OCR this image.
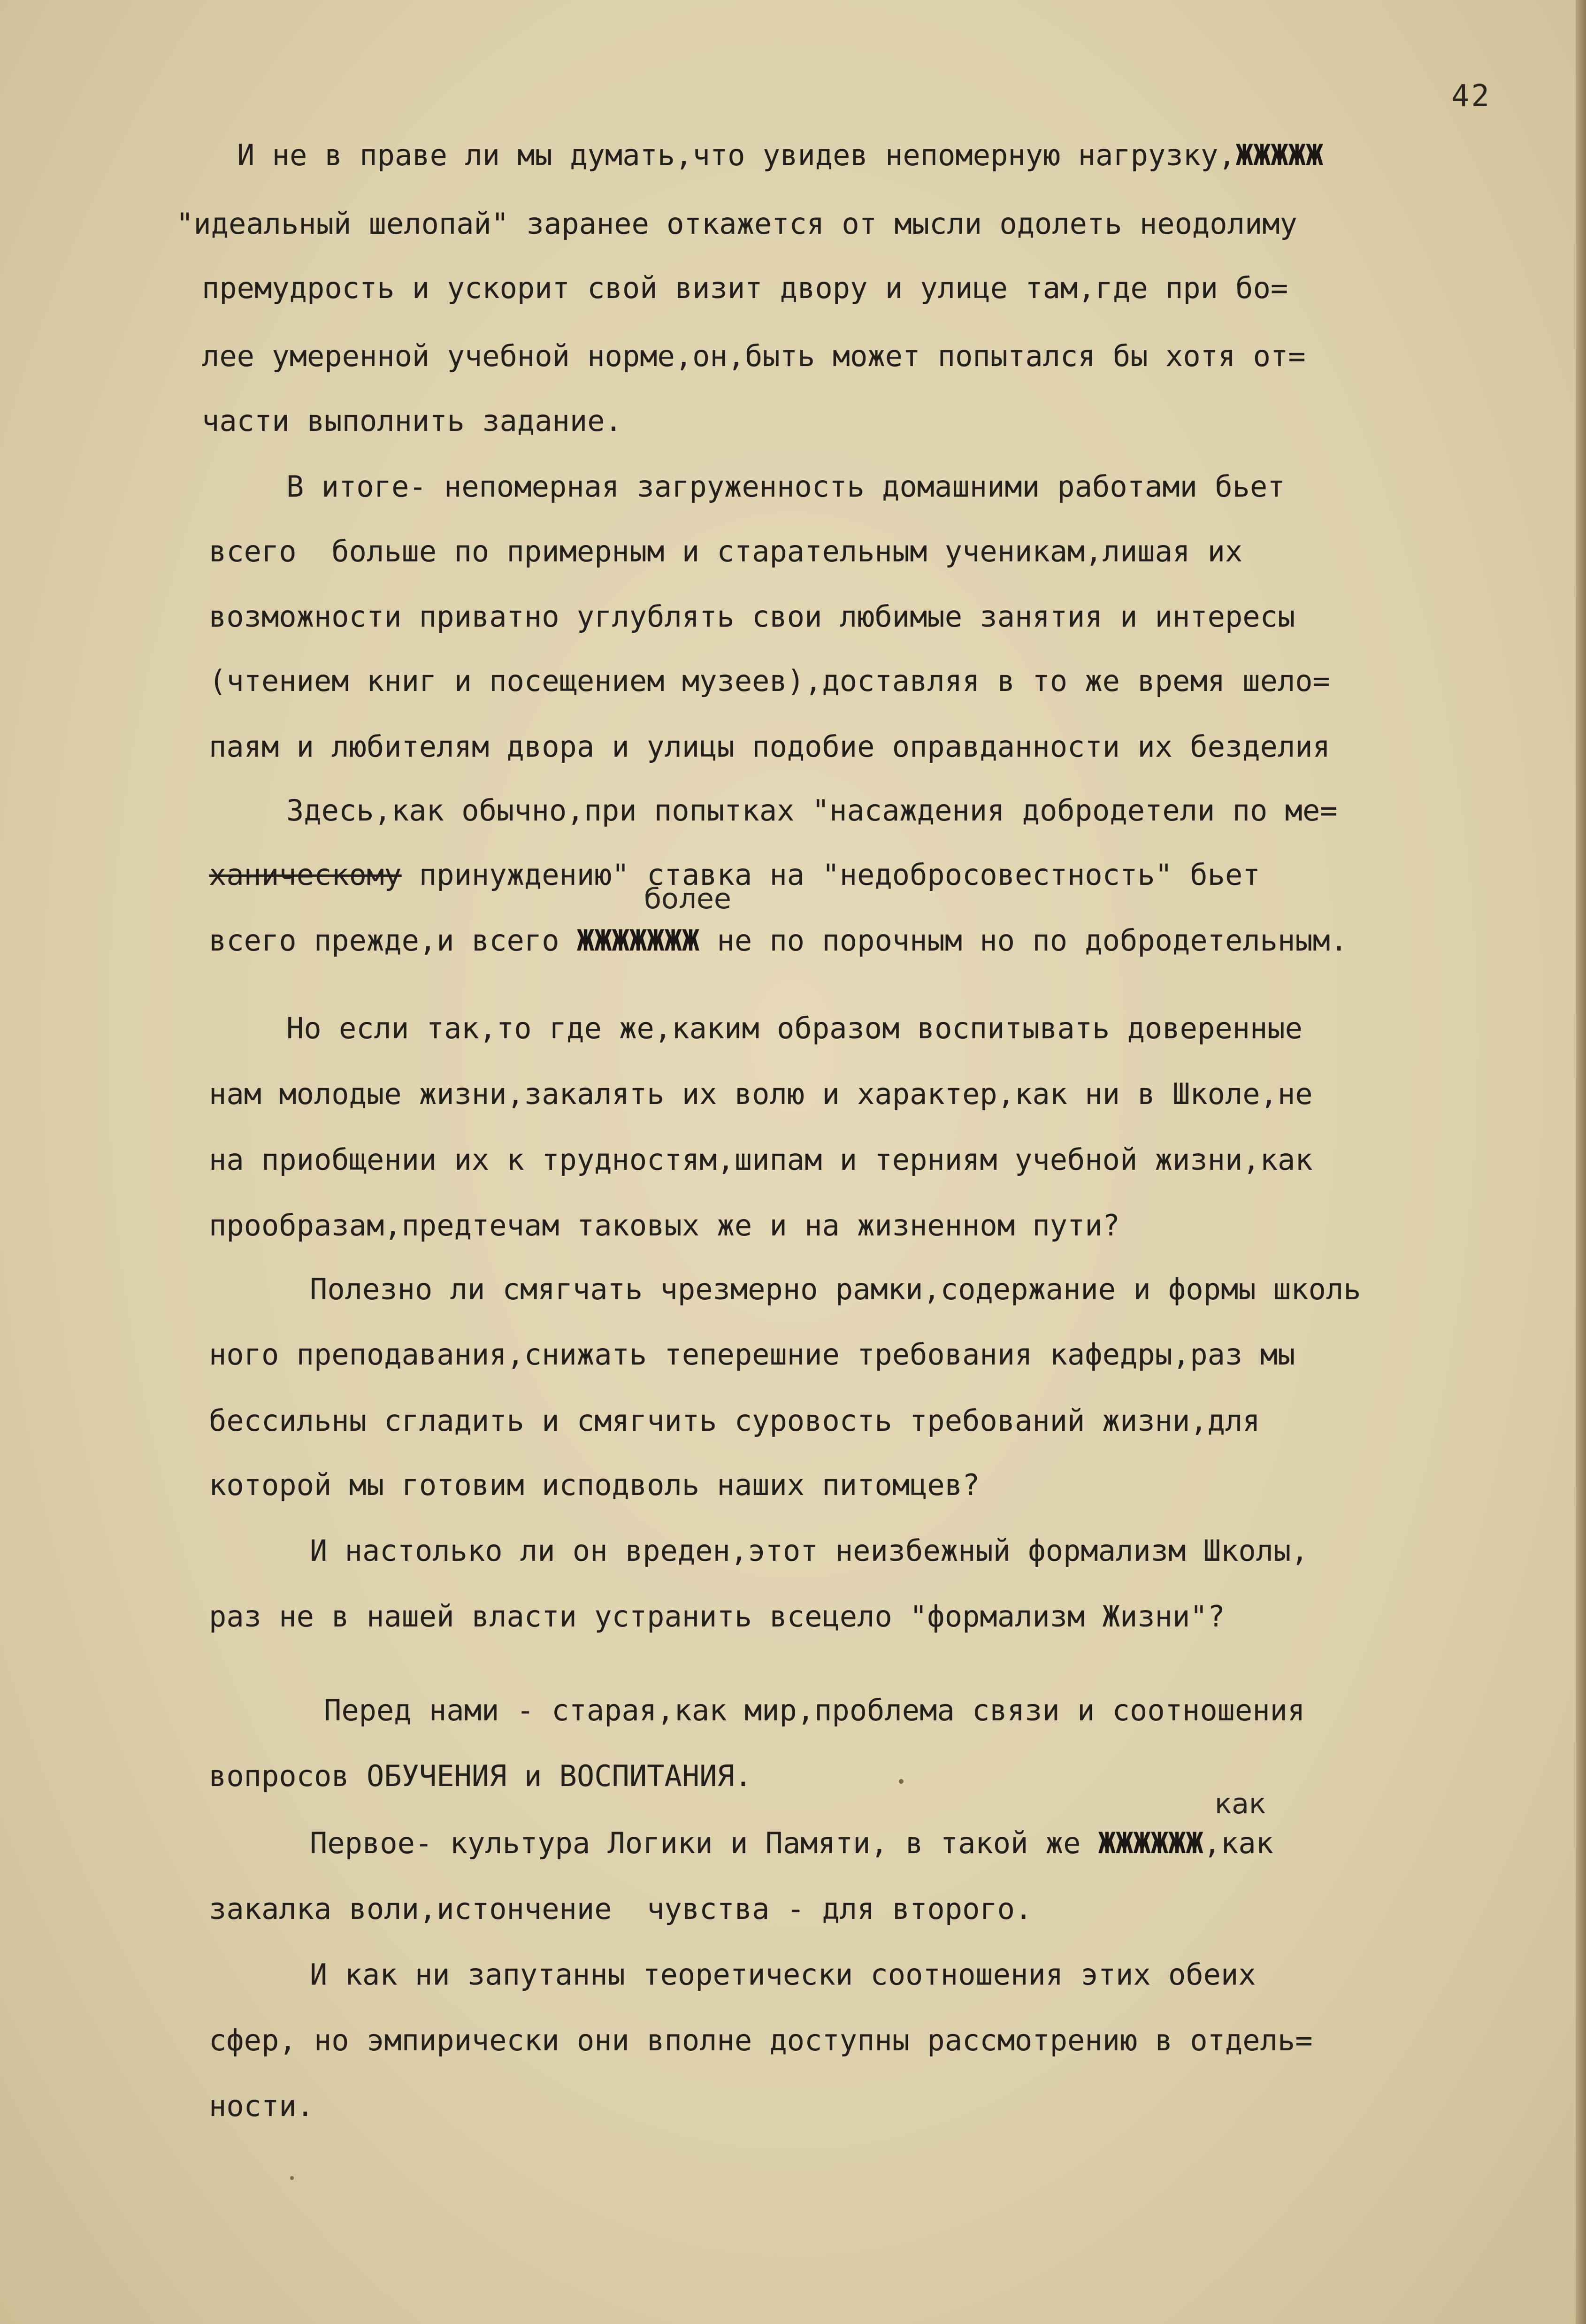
42
И не в праве ли мы думать,что увидев непомерную нагрузку,ЖЖЖЖЖ
"идеальный шелопай" заранее откажется от мысли одолеть неодолиму
премудрость и ускорит свой визит двору и улице там,где при бо=
лее умеренной учебной норме,он,быть может попытался бы хотя от=
части выполнить задание.
В итоге- непомерная загруженность домашними работами бьет
всего  больше по примерным и старательным ученикам,лишая их
возможности приватно углублять свои любимые занятия и интересы
(чтением книг и посещением музеев),доставляя в то же время шело=
паям и любителям двора и улицы подобие оправданности их безделия
Здесь,как обычно,при попытках "насаждения добродетели по ме=
ханическому принуждению" ставка на "недобросовестность" бьет
более
всего прежде,и всего ЖЖЖЖЖЖЖ не по порочным но по добродетельным.
Но если так,то где же,каким образом воспитывать доверенные
нам молодые жизни,закалять их волю и характер,как ни в Школе,не
на приобщении их к трудностям,шипам и терниям учебной жизни,как
прообразам,предтечам таковых же и на жизненном пути?
Полезно ли смягчать чрезмерно рамки,содержание и формы школь
ного преподавания,снижать теперешние требования кафедры,раз мы
бессильны сгладить и смягчить суровость требований жизни,для
которой мы готовим исподволь наших питомцев?
И настолько ли он вреден,этот неизбежный формализм Школы,
раз не в нашей власти устранить всецело "формализм Жизни"?
Перед нами - старая,как мир,проблема связи и соотношения
вопросов ОБУЧЕНИЯ и ВОСПИТАНИЯ.
как
Первое- культура Логики и Памяти, в такой же ЖЖЖЖЖЖ,как
закалка воли,истончение  чувства - для второго.
И как ни запутанны теоретически соотношения этих обеих
сфер, но эмпирически они вполне доступны рассмотрению в отдель=
ности.
